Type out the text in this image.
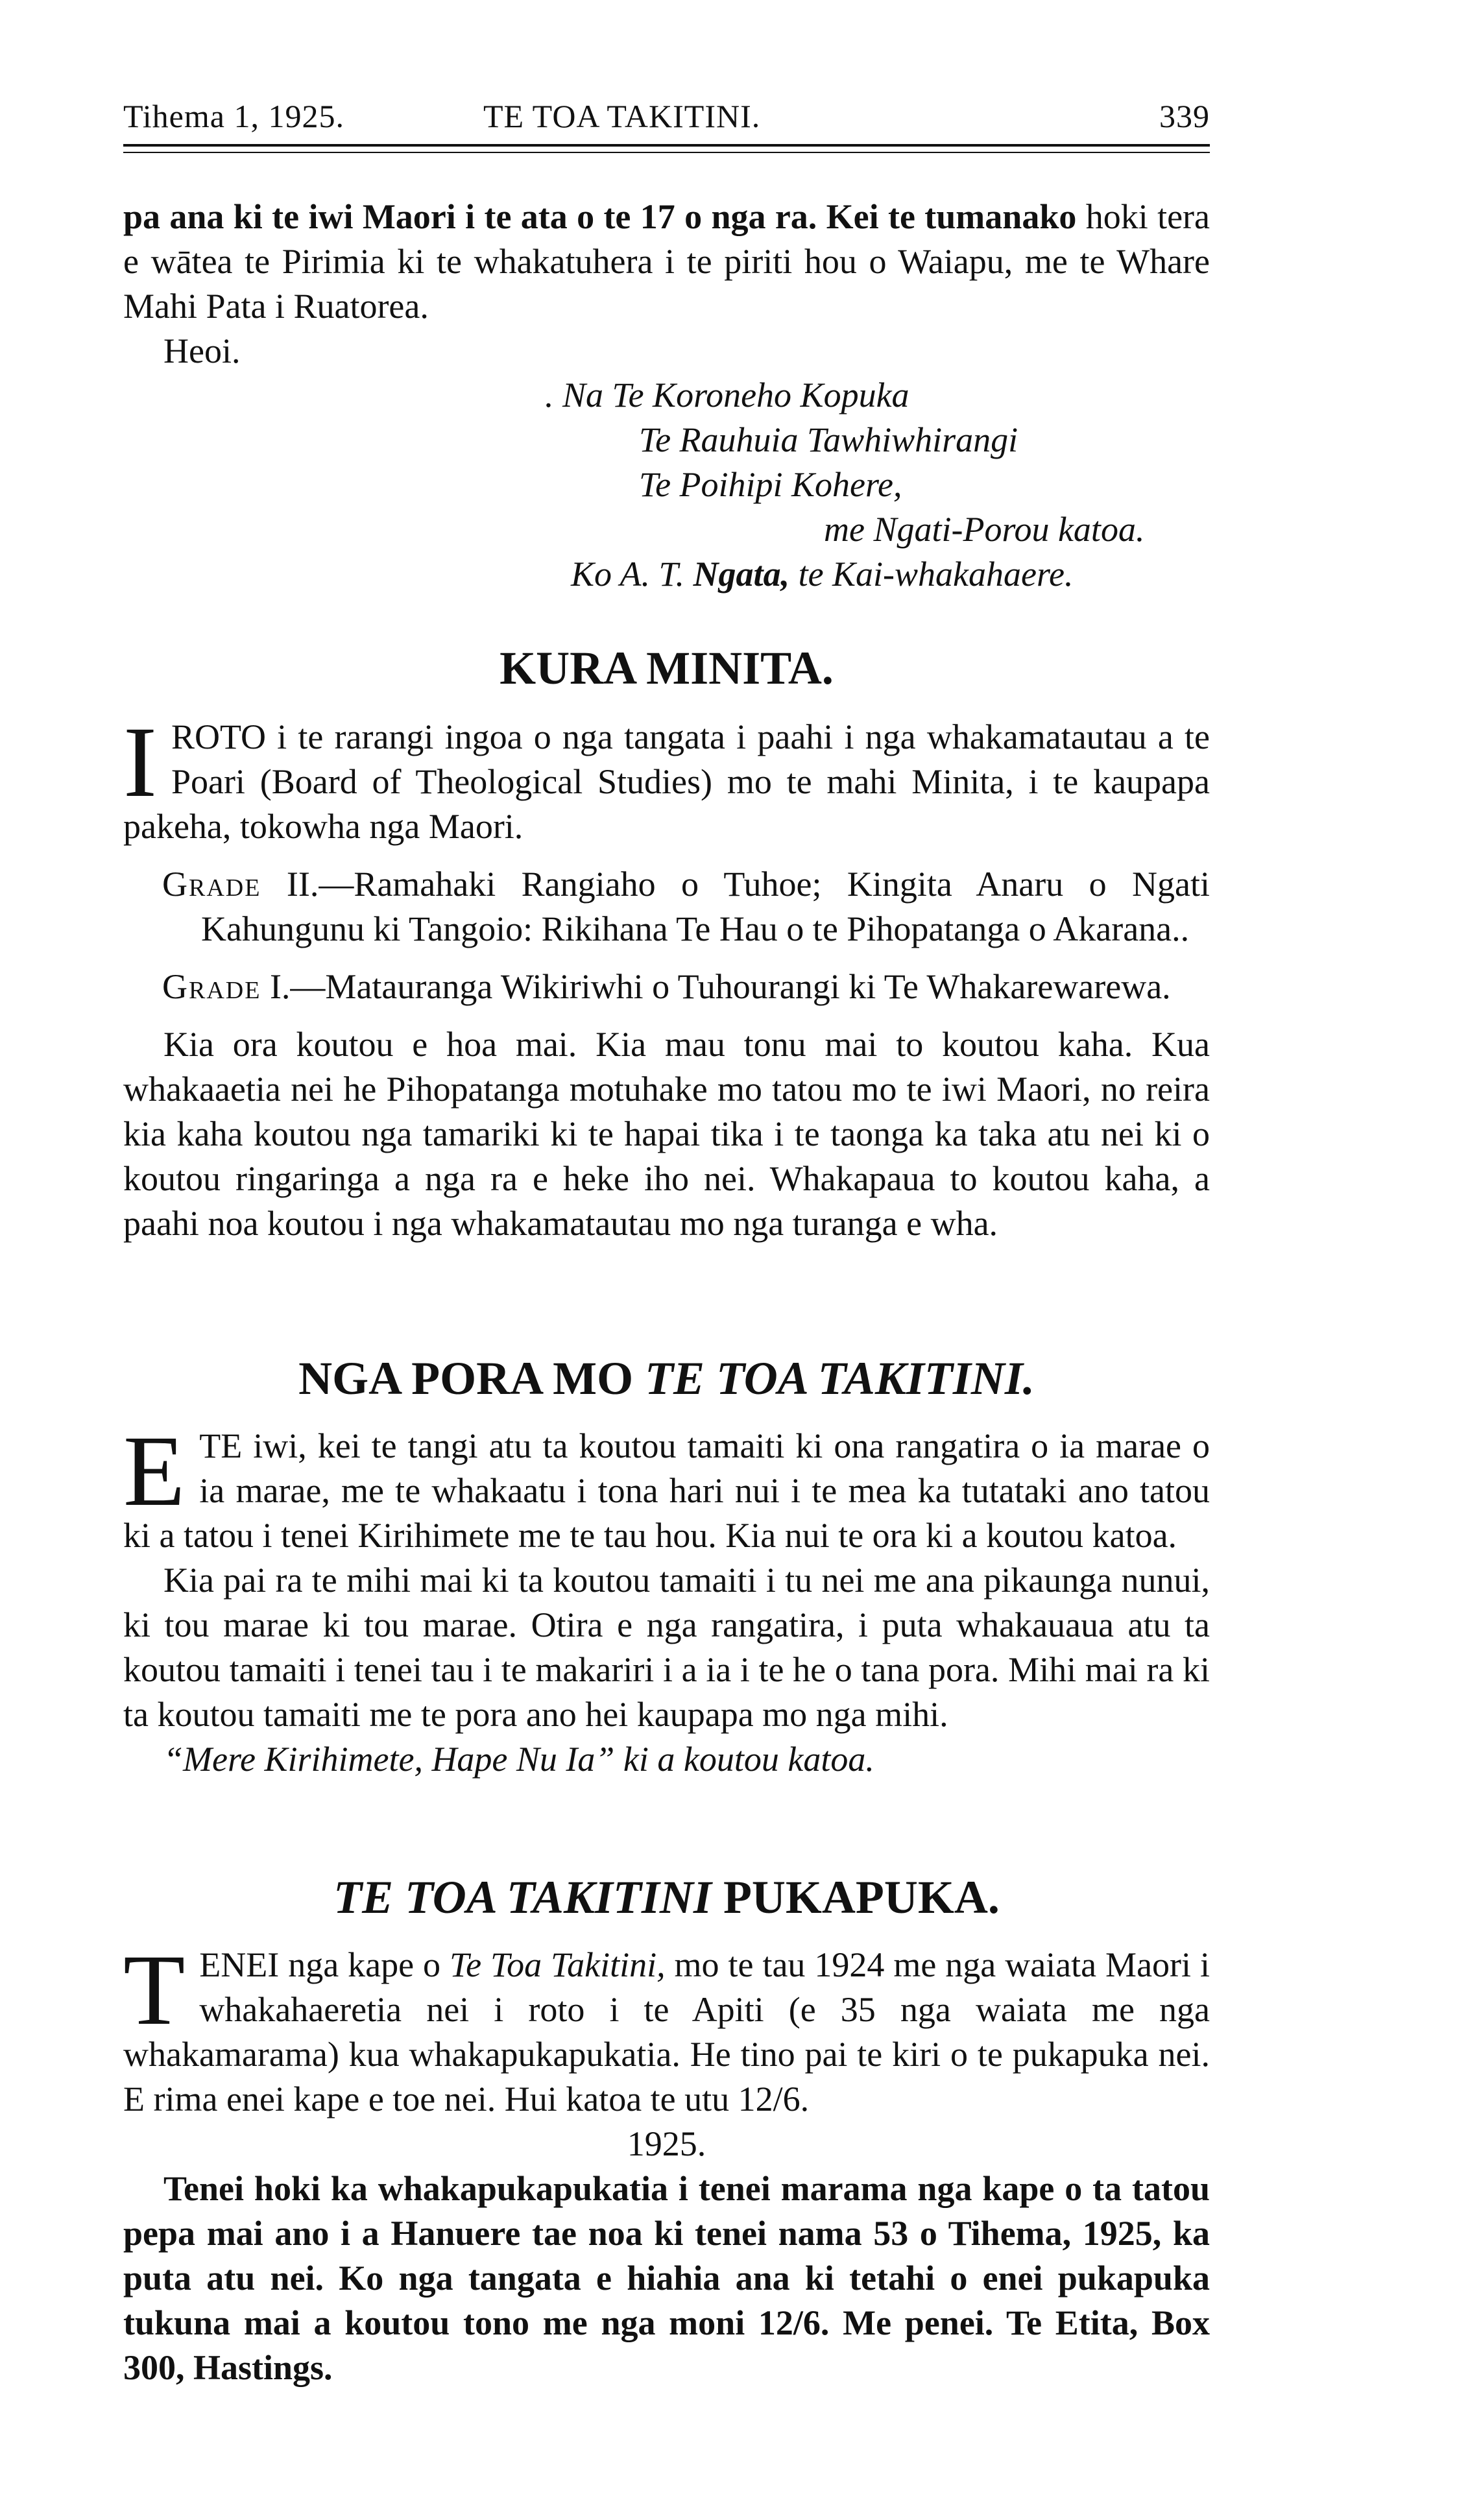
Tihema 1, 1925.	TE TOA TAKITINI.	339

pa ana ki te iwi Maori i te ata o te 17 o nga ra. Kei te tumanako hoki tera e wātea te Pirimia ki te whakatuhera i te piriti hou o Waiapu, me te Whare Mahi Pata i Ruatorea.

Heoi.

. Na Te Koroneho Kopuka
Te Rauhuia Tawhiwhirangi
Te Poihipi Kohere,
me Ngati-Porou katoa.
Ko A. T. Ngata, te Kai-whakahaere.
KURA MINITA.

IROTO i te rarangi ingoa o nga tangata i paahi i nga whakamatautau a te Poari (Board of Theological Studies) mo te mahi Minita, i te kaupapa pakeha, tokowha nga Maori.

Grade II.—Ramahaki Rangiaho o Tuhoe; Kingita Anaru o Ngati Kahungunu ki Tangoio: Rikihana Te Hau o te Pihopatanga o Akarana..

Grade I.—Matauranga Wikiriwhi o Tuhourangi ki Te Whakarewarewa.

Kia ora koutou e hoa mai. Kia mau tonu mai to koutou kaha. Kua whakaaetia nei he Pihopatanga motuhake mo tatou mo te iwi Maori, no reira kia kaha koutou nga tamariki ki te hapai tika i te taonga ka taka atu nei ki o koutou ringaringa a nga ra e heke iho nei. Whakapaua to koutou kaha, a paahi noa koutou i nga whakamatautau mo nga turanga e wha.

NGA PORA MO TE TOA TAKITINI.

ETE iwi, kei te tangi atu ta koutou tamaiti ki ona rangatira o ia marae o ia marae, me te whakaatu i tona hari nui i te mea ka tutataki ano tatou ki a tatou i tenei Kirihimete me te tau hou. Kia nui te ora ki a koutou katoa.

Kia pai ra te mihi mai ki ta koutou tamaiti i tu nei me ana pikaunga nunui, ki tou marae ki tou marae. Otira e nga rangatira, i puta whakauaua atu ta koutou tamaiti i tenei tau i te makariri i a ia i te he o tana pora. Mihi mai ra ki ta koutou tamaiti me te pora ano hei kaupapa mo nga mihi.

“Mere Kirihimete, Hape Nu Ia” ki a koutou katoa.

TE TOA TAKITINI PUKAPUKA.

TENEI nga kape o Te Toa Takitini, mo te tau 1924 me nga waiata Maori i whakahaeretia nei i roto i te Apiti (e 35 nga waiata me nga whakamarama) kua whakapukapukatia. He tino pai te kiri o te pukapuka nei. E rima enei kape e toe nei. Hui katoa te utu 12/6.

1925.

Tenei hoki ka whakapukapukatia i tenei marama nga kape o ta tatou pepa mai ano i a Hanuere tae noa ki tenei nama 53 o Tihema, 1925, ka puta atu nei. Ko nga tangata e hiahia ana ki tetahi o enei pukapuka tukuna mai a koutou tono me nga moni 12/6. Me penei. Te Etita, Box 300, Hastings.
